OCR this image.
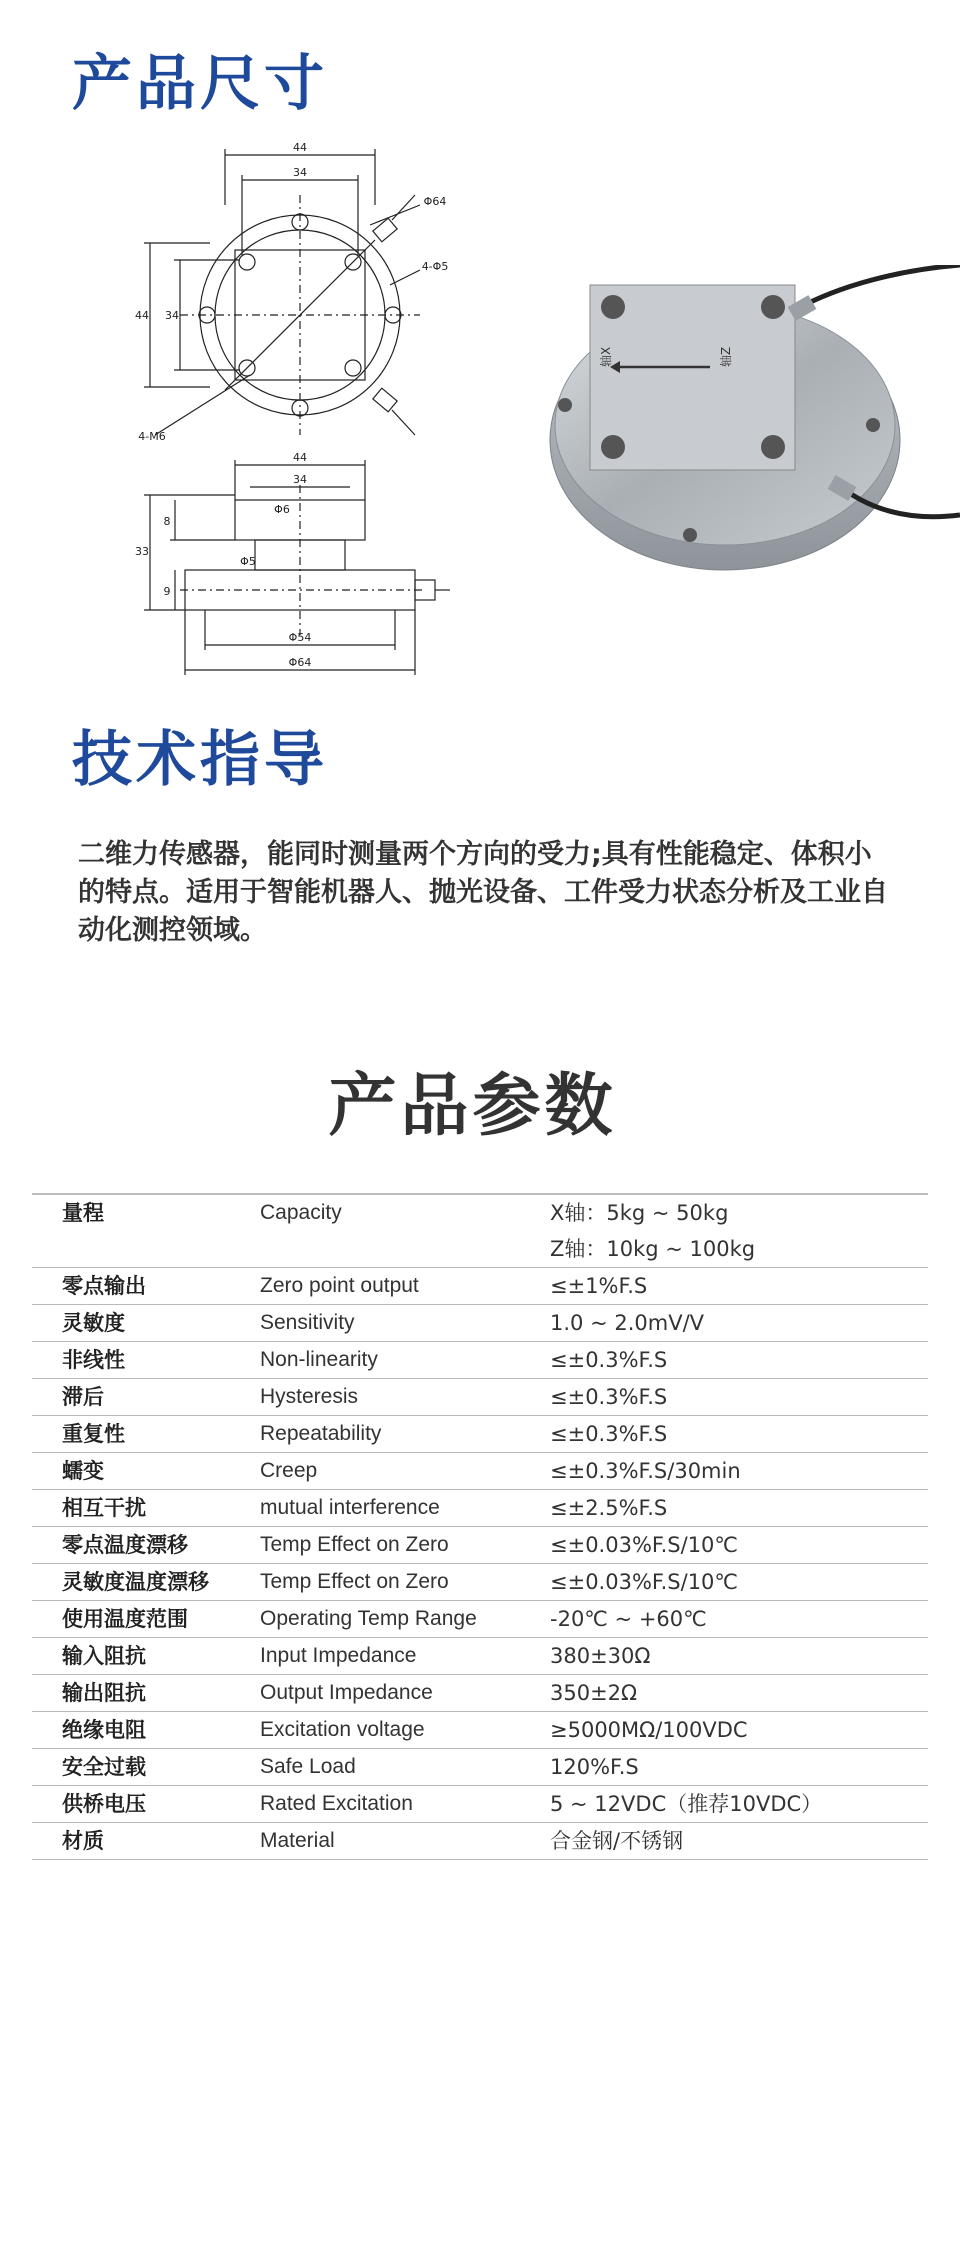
产品尺寸
44
34
44 34
Φ64
4-Φ5
4-M6
44
34
Φ6
33
8
9
Φ5
Φ54
Φ64
轴X	轴Z
技术指导

二维力传感器，能同时测量两个方向的受力;具有性能稳定、体积小的特点。适用于智能机器人、抛光设备、工件受力状态分析及工业自动化测控领域。

产品参数
量程	Capacity	X轴：5kg ~ 50kg
Z轴：10kg ~ 100kg
零点输出	Zero point output	≤±1%F.S
灵敏度	Sensitivity	1.0 ~ 2.0mV/V
非线性	Non-linearity	≤±0.3%F.S
滞后	Hysteresis	≤±0.3%F.S
重复性	Repeatability	≤±0.3%F.S
蠕变	Creep	≤±0.3%F.S/30min
相互干扰	mutual interference	≤±2.5%F.S
零点温度漂移	Temp Effect on Zero	≤±0.03%F.S/10℃
灵敏度温度漂移	Temp Effect on Zero	≤±0.03%F.S/10℃
使用温度范围	Operating Temp Range	-20℃ ~ +60℃
输入阻抗	Input Impedance	380±30Ω
输出阻抗	Output Impedance	350±2Ω
绝缘电阻	Excitation voltage	≥5000MΩ/100VDC
安全过载	Safe Load	120%F.S
供桥电压	Rated Excitation	5 ~ 12VDC（推荐10VDC）
材质	Material	合金钢/不锈钢
